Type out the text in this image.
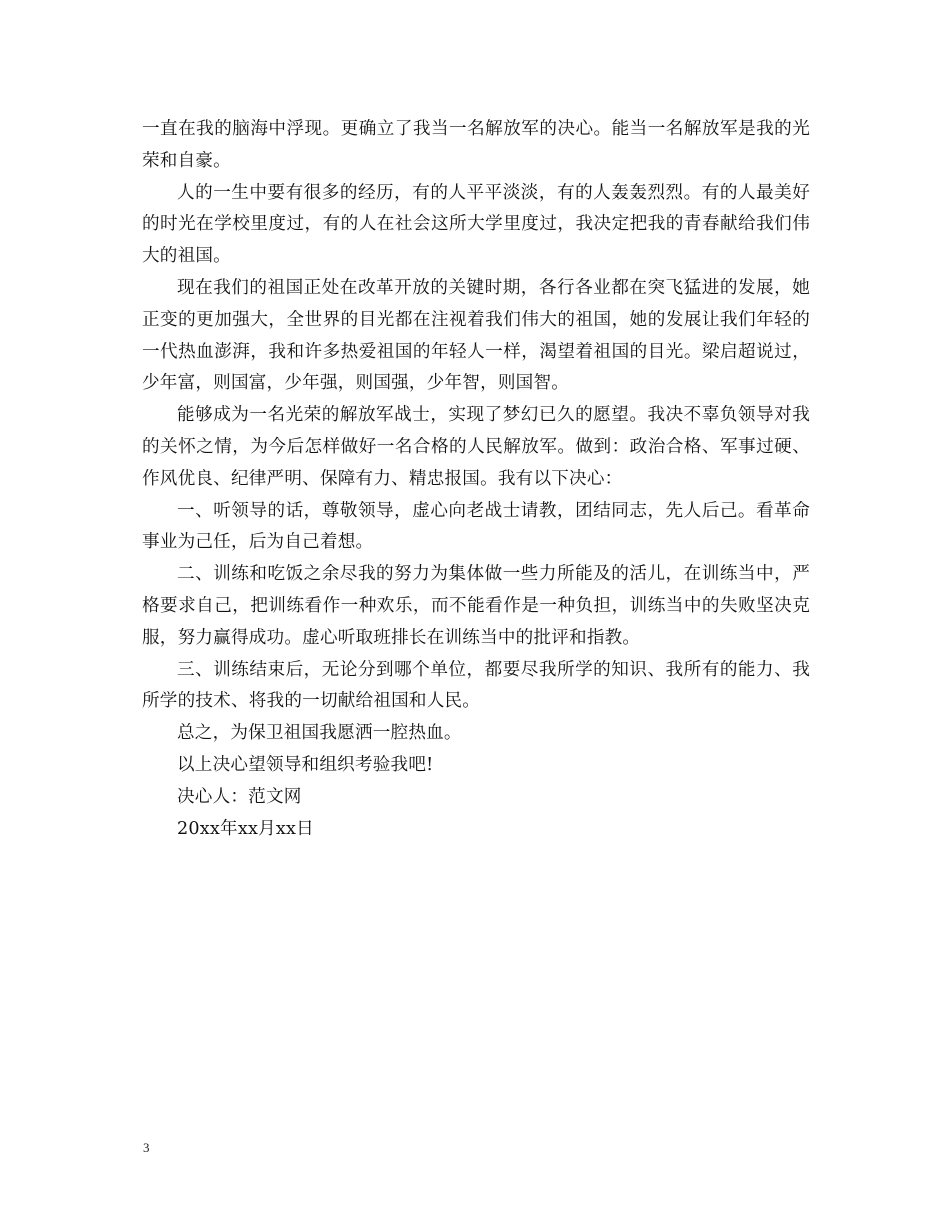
一直在我的脑海中浮现。更确立了我当一名解放军的决心。能当一名解放军是我的光荣和自豪。

人的一生中要有很多的经历，有的人平平淡淡，有的人轰轰烈烈。有的人最美好的时光在学校里度过，有的人在社会这所大学里度过，我决定把我的青春献给我们伟大的祖国。

现在我们的祖国正处在改革开放的关键时期，各行各业都在突飞猛进的发展，她正变的更加强大，全世界的目光都在注视着我们伟大的祖国，她的发展让我们年轻的一代热血澎湃，我和许多热爱祖国的年轻人一样，渴望着祖国的目光。梁启超说过，少年富，则国富，少年强，则国强，少年智，则国智。

能够成为一名光荣的解放军战士，实现了梦幻已久的愿望。我决不辜负领导对我的关怀之情，为今后怎样做好一名合格的人民解放军。做到：政治合格、军事过硬、作风优良、纪律严明、保障有力、精忠报国。我有以下决心：

一、听领导的话，尊敬领导，虚心向老战士请教，团结同志，先人后己。看革命事业为己任，后为自己着想。

二、训练和吃饭之余尽我的努力为集体做一些力所能及的活儿，在训练当中，严格要求自己，把训练看作一种欢乐，而不能看作是一种负担，训练当中的失败坚决克服，努力赢得成功。虚心听取班排长在训练当中的批评和指教。

三、训练结束后，无论分到哪个单位，都要尽我所学的知识、我所有的能力、我所学的技术、将我的一切献给祖国和人民。

总之，为保卫祖国我愿洒一腔热血。

以上决心望领导和组织考验我吧!

决心人：范文网

20xx年xx月xx日

3
